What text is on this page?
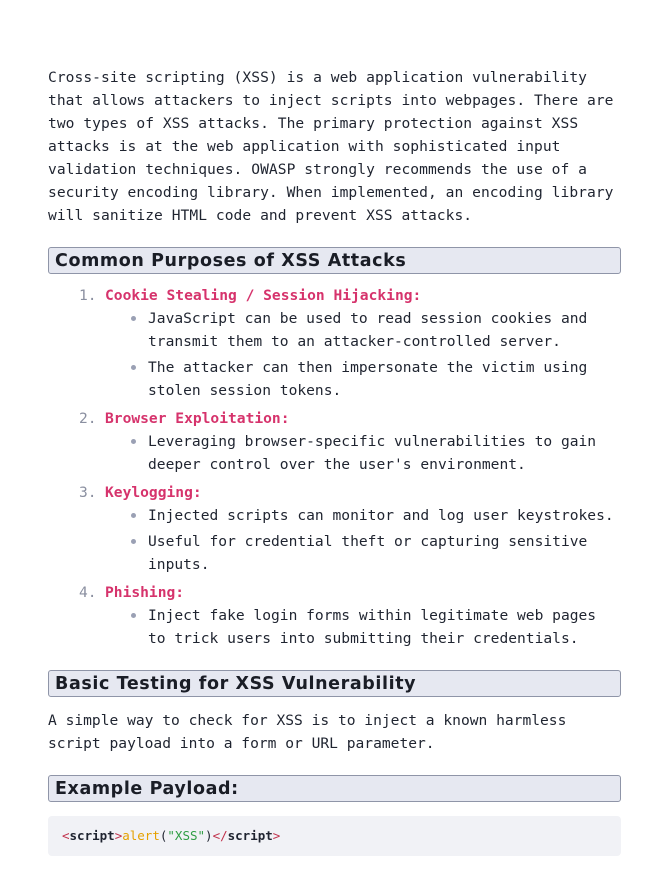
Cross-site scripting (XSS) is a web application vulnerability that allows attackers to inject scripts into webpages. There are two types of XSS attacks. The primary protection against XSS attacks is at the web application with sophisticated input validation techniques. OWASP strongly recommends the use of a security encoding library. When implemented, an encoding library will sanitize HTML code and prevent XSS attacks.

Common Purposes of XSS Attacks
1. Cookie Stealing / Session Hijacking:
JavaScript can be used to read session cookies and transmit them to an attacker-controlled server.
The attacker can then impersonate the victim using stolen session tokens.
2. Browser Exploitation:
Leveraging browser-specific vulnerabilities to gain deeper control over the user's environment.
3. Keylogging:
Injected scripts can monitor and log user keystrokes.
Useful for credential theft or capturing sensitive inputs.
4. Phishing:
Inject fake login forms within legitimate web pages to trick users into submitting their credentials.
Basic Testing for XSS Vulnerability

A simple way to check for XSS is to inject a known harmless script payload into a form or URL parameter.

Example Payload:
<script>alert("XSS")</script>
